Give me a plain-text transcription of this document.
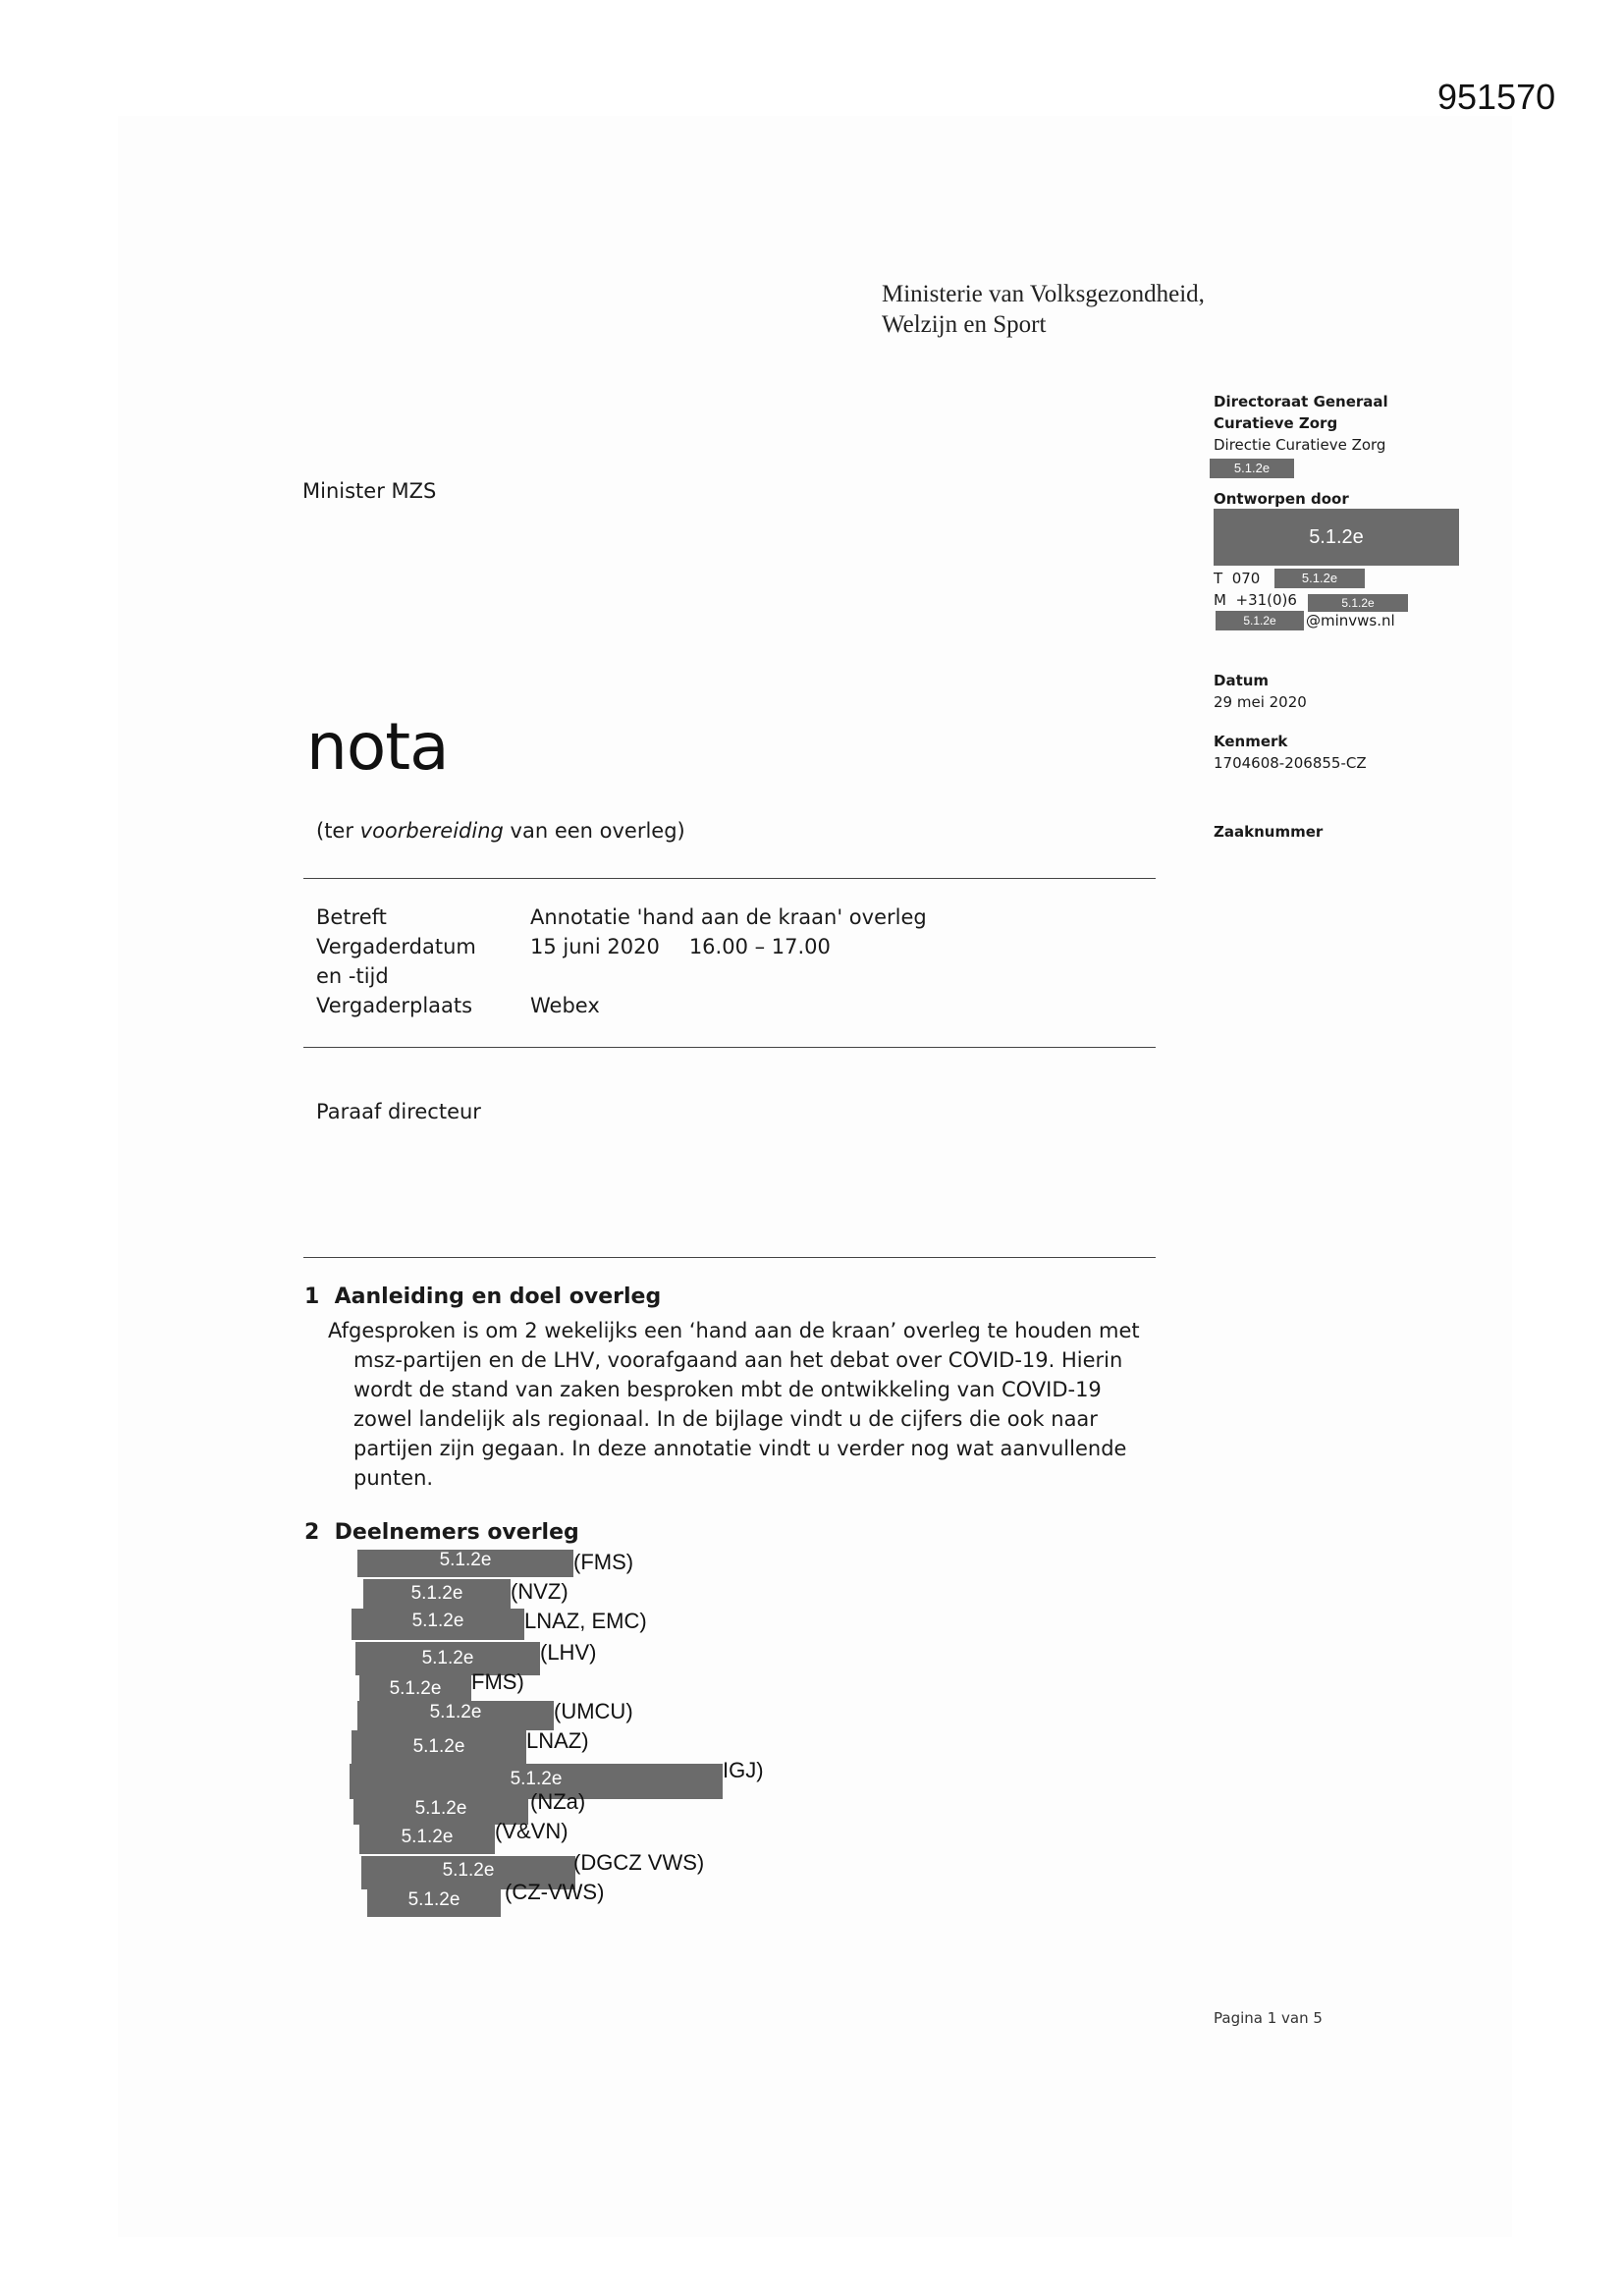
951570
Ministerie van Volksgezondheid,
Welzijn en Sport
Directoraat Generaal
Curatieve Zorg
Directie Curatieve Zorg
5.1.2e
Ontworpen door
5.1.2e
T 070	5.1.2e
M +31(0)6	5.1.2e
5.1.2e	@minvws.nl
Datum
29 mei 2020
Kenmerk
1704608-206855-CZ
Zaaknummer
Minister MZS
nota
(ter voorbereiding van een overleg)
Betreft	Annotatie 'hand aan de kraan' overleg
Vergaderdatum	15 juni 2020 16.00 – 17.00
en -tijd
Vergaderplaats	Webex
Paraaf directeur
1 Aanleiding en doel overleg
Afgesproken is om 2 wekelijks een ‘hand aan de kraan’ overleg te houden met
msz-partijen en de LHV, voorafgaand aan het debat over COVID-19. Hierin
wordt de stand van zaken besproken mbt de ontwikkeling van COVID-19
zowel landelijk als regionaal. In de bijlage vindt u de cijfers die ook naar
partijen zijn gegaan. In deze annotatie vindt u verder nog wat aanvullende
punten.
2 Deelnemers overleg
5.1.2e	(FMS)
5.1.2e	(NVZ)
5.1.2e	LNAZ, EMC)
5.1.2e	(LHV)
5.1.2e	FMS)
5.1.2e	(UMCU)
5.1.2e	LNAZ)
5.1.2e	IGJ)
5.1.2e	(NZa)
5.1.2e	(V&VN)
5.1.2e	(DGCZ VWS)
5.1.2e	(CZ-VWS)
Pagina 1 van 5
